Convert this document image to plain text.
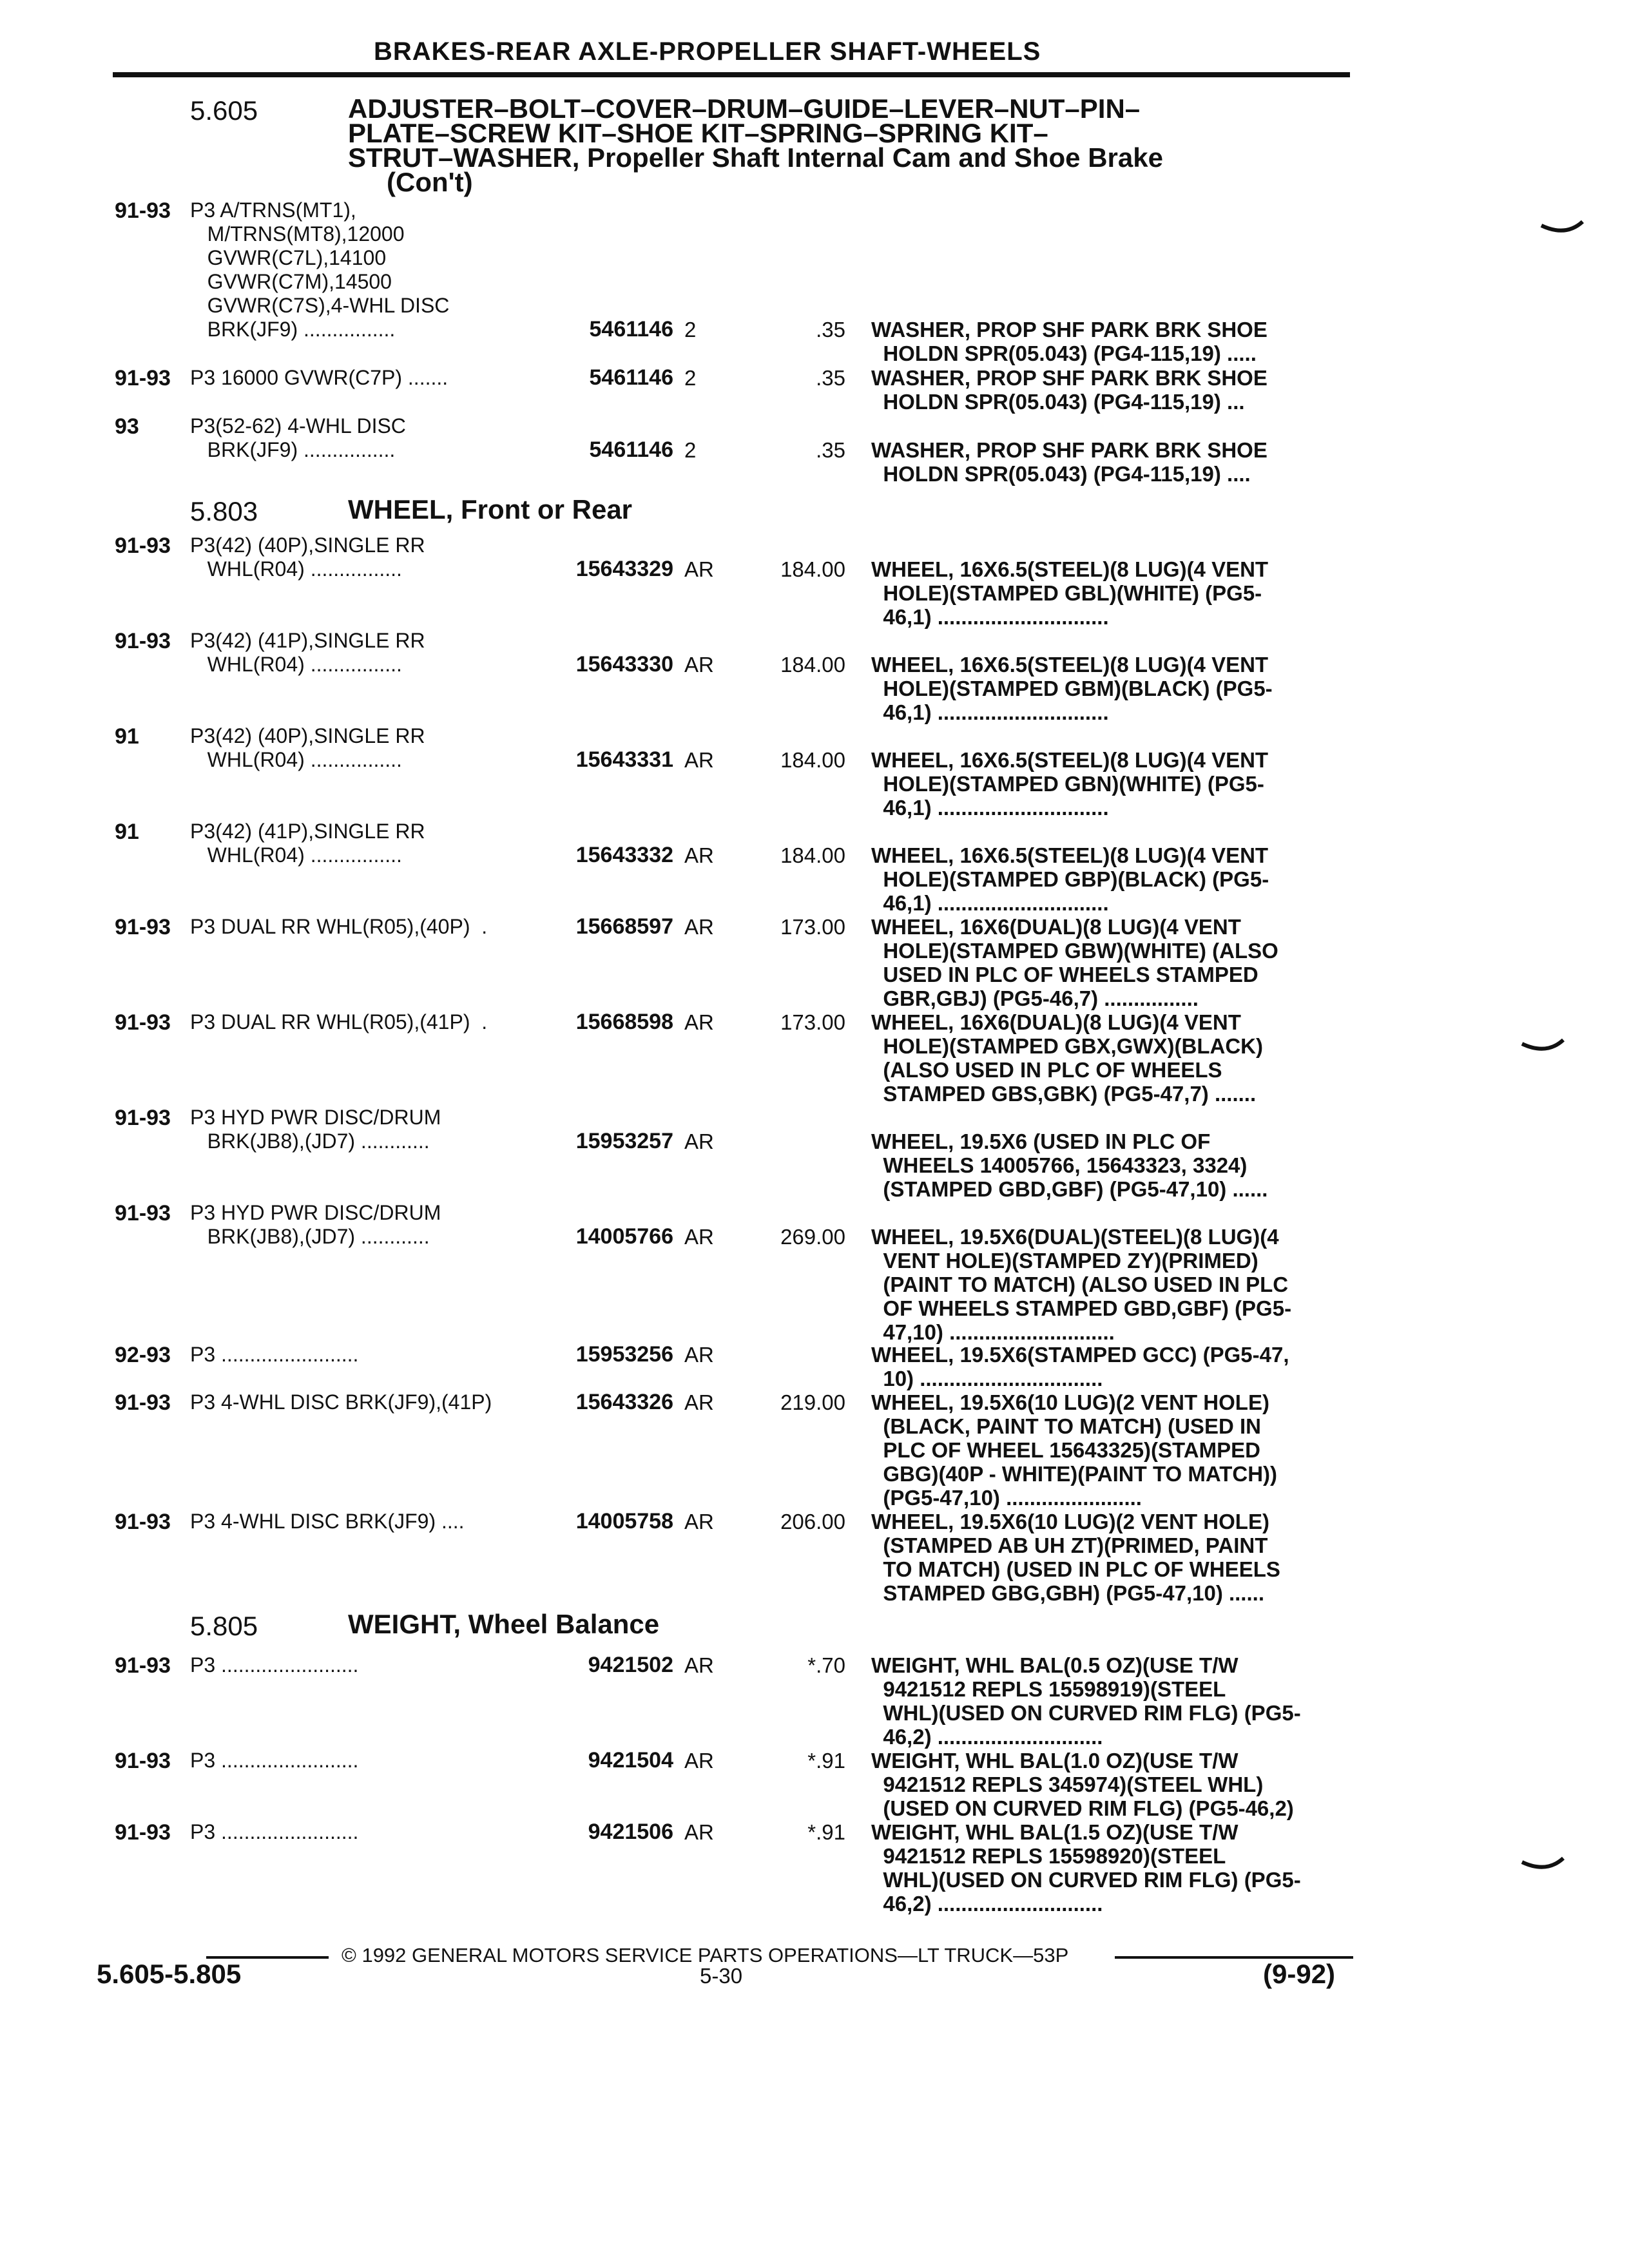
BRAKES-REAR AXLE-PROPELLER SHAFT-WHEELS
5.605	ADJUSTER–BOLT–COVER–DRUM–GUIDE–LEVER–NUT–PIN–
PLATE–SCREW KIT–SHOE KIT–SPRING–SPRING KIT–
STRUT–WASHER, Propeller Shaft Internal Cam and Shoe Brake
(Con't)
91-93 P3 A/TRNS(MT1),
M/TRNS(MT8),12000
GVWR(C7L),14100
GVWR(C7M),14500
GVWR(C7S),4-WHL DISC
BRK(JF9) ................	5461146 2	.35 WASHER, PROP SHF PARK BRK SHOE
HOLDN SPR(05.043) (PG4-115,19) .....
91-93 P3 16000 GVWR(C7P) .......	5461146 2	.35 WASHER, PROP SHF PARK BRK SHOE
HOLDN SPR(05.043) (PG4-115,19) ...
93 P3(52-62) 4-WHL DISC
BRK(JF9) ................	5461146 2	.35 WASHER, PROP SHF PARK BRK SHOE
HOLDN SPR(05.043) (PG4-115,19) ....
5.803	WHEEL, Front or Rear
91-93 P3(42) (40P),SINGLE RR
WHL(R04) ................	15643329 AR	184.00 WHEEL, 16X6.5(STEEL)(8 LUG)(4 VENT
HOLE)(STAMPED GBL)(WHITE) (PG5-
46,1) .............................
91-93 P3(42) (41P),SINGLE RR
WHL(R04) ................	15643330 AR	184.00 WHEEL, 16X6.5(STEEL)(8 LUG)(4 VENT
HOLE)(STAMPED GBM)(BLACK) (PG5-
46,1) .............................
91 P3(42) (40P),SINGLE RR
WHL(R04) ................	15643331 AR	184.00 WHEEL, 16X6.5(STEEL)(8 LUG)(4 VENT
HOLE)(STAMPED GBN)(WHITE) (PG5-
46,1) .............................
91 P3(42) (41P),SINGLE RR
WHL(R04) ................	15643332 AR	184.00 WHEEL, 16X6.5(STEEL)(8 LUG)(4 VENT
HOLE)(STAMPED GBP)(BLACK) (PG5-
46,1) .............................
91-93 P3 DUAL RR WHL(R05),(40P)  .	15668597 AR	173.00 WHEEL, 16X6(DUAL)(8 LUG)(4 VENT
HOLE)(STAMPED GBW)(WHITE) (ALSO
USED IN PLC OF WHEELS STAMPED
GBR,GBJ) (PG5-46,7) ................
91-93 P3 DUAL RR WHL(R05),(41P)  .	15668598 AR	173.00 WHEEL, 16X6(DUAL)(8 LUG)(4 VENT
HOLE)(STAMPED GBX,GWX)(BLACK)
(ALSO USED IN PLC OF WHEELS
STAMPED GBS,GBK) (PG5-47,7) .......
91-93 P3 HYD PWR DISC/DRUM
BRK(JB8),(JD7) ............	15953257 AR	WHEEL, 19.5X6 (USED IN PLC OF
WHEELS 14005766, 15643323, 3324)
(STAMPED GBD,GBF) (PG5-47,10) ......
91-93 P3 HYD PWR DISC/DRUM
BRK(JB8),(JD7) ............	14005766 AR	269.00 WHEEL, 19.5X6(DUAL)(STEEL)(8 LUG)(4
VENT HOLE)(STAMPED ZY)(PRIMED)
(PAINT TO MATCH) (ALSO USED IN PLC
OF WHEELS STAMPED GBD,GBF) (PG5-
47,10) ............................
92-93 P3 ........................	15953256 AR	WHEEL, 19.5X6(STAMPED GCC) (PG5-47,
10) ...............................
91-93 P3 4-WHL DISC BRK(JF9),(41P)	15643326 AR	219.00 WHEEL, 19.5X6(10 LUG)(2 VENT HOLE)
(BLACK, PAINT TO MATCH) (USED IN
PLC OF WHEEL 15643325)(STAMPED
GBG)(40P - WHITE)(PAINT TO MATCH))
(PG5-47,10) .......................
91-93 P3 4-WHL DISC BRK(JF9) ....	14005758 AR	206.00 WHEEL, 19.5X6(10 LUG)(2 VENT HOLE)
(STAMPED AB UH ZT)(PRIMED, PAINT
TO MATCH) (USED IN PLC OF WHEELS
STAMPED GBG,GBH) (PG5-47,10) ......
5.805	WEIGHT, Wheel Balance
91-93 P3 ........................	9421502 AR	*.70 WEIGHT, WHL BAL(0.5 OZ)(USE T/W
9421512 REPLS 15598919)(STEEL
WHL)(USED ON CURVED RIM FLG) (PG5-
46,2) ............................
91-93 P3 ........................	9421504 AR	*.91 WEIGHT, WHL BAL(1.0 OZ)(USE T/W
9421512 REPLS 345974)(STEEL WHL)
(USED ON CURVED RIM FLG) (PG5-46,2)
91-93 P3 ........................	9421506 AR	*.91 WEIGHT, WHL BAL(1.5 OZ)(USE T/W
9421512 REPLS 15598920)(STEEL
WHL)(USED ON CURVED RIM FLG) (PG5-
46,2) ............................
© 1992 GENERAL MOTORS SERVICE PARTS OPERATIONS—LT TRUCK—53P
5.605-5.805	5-30	(9-92)
